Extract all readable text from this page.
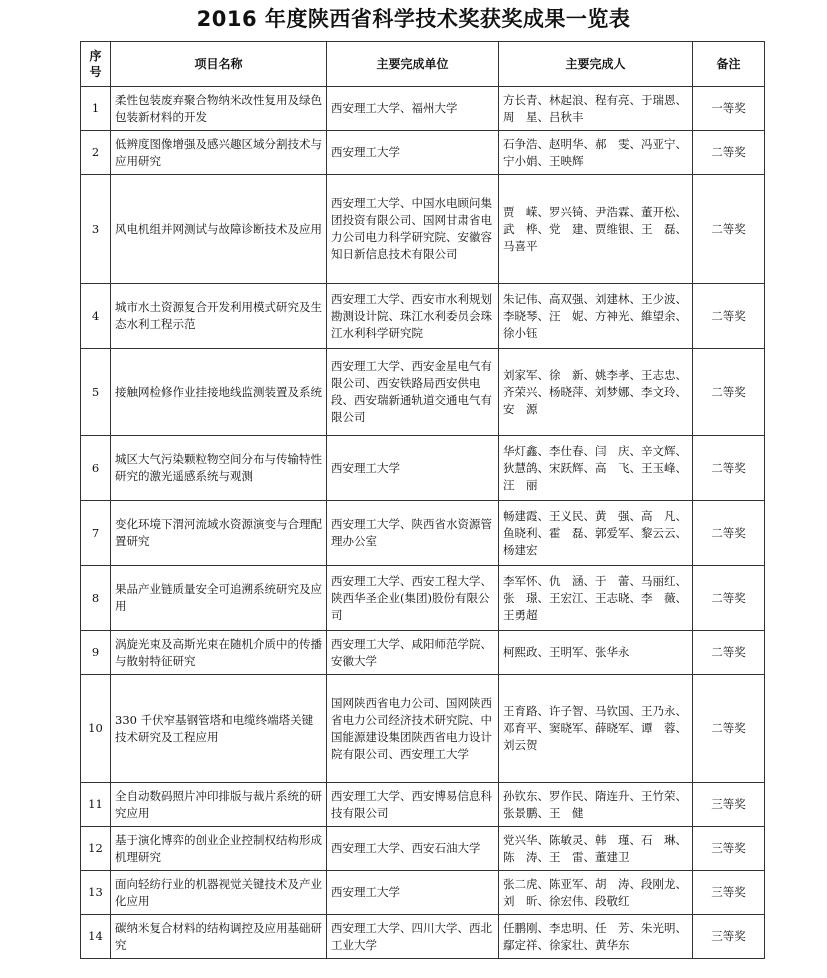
2016 年度陕西省科学技术奖获奖成果一览表
序号	项目名称	主要完成单位	主要完成人	备注
1	柔性包装废弃聚合物纳米改性复用及绿色包装新材料的开发	西安理工大学、福州大学	方长青、林起浪、程有亮、于瑞恩、周　星、吕秋丰	一等奖
2	低辨度图像增强及感兴趣区域分割技术与应用研究	西安理工大学	石争浩、赵明华、郝　雯、冯亚宁、宁小娟、王映辉	二等奖
3	风电机组并网测试与故障诊断技术及应用	西安理工大学、中国水电顾问集团投资有限公司、国网甘肃省电力公司电力科学研究院、安徽容知日新信息技术有限公司	贾　嵘、罗兴锜、尹浩霖、董开松、武　桦、党　建、贾维银、王　磊、马喜平	二等奖
4	城市水土资源复合开发利用模式研究及生态水利工程示范	西安理工大学、西安市水利规划勘测设计院、珠江水利委员会珠江水利科学研究院	朱记伟、高双强、刘建林、王少波、李晓琴、汪　妮、方神光、維望余、徐小钰	二等奖
5	接触网检修作业挂接地线监测装置及系统	西安理工大学、西安金星电气有限公司、西安铁路局西安供电段、西安瑞新通轨道交通电气有限公司	刘家军、徐　新、姚李孝、王志忠、齐荣兴、杨晓萍、刘梦娜、李文玲、安　源	二等奖
6	城区大气污染颗粒物空间分布与传输特性研究的激光遥感系统与观测	西安理工大学	华灯鑫、李仕春、闫　庆、辛文辉、狄慧鸽、宋跃辉、高　飞、王玉峰、汪　丽	二等奖
7	变化环境下渭河流域水资源演变与合理配置研究	西安理工大学、陕西省水资源管理办公室	畅建霞、王义民、黄　强、高　凡、鱼晓利、霍　磊、郭爱军、黎云云、杨建宏	二等奖
8	果品产业链质量安全可追溯系统研究及应用	西安理工大学、西安工程大学、陕西华圣企业(集团)股份有限公司	李军怀、仇　涵、于　蕾、马丽红、张　璟、王宏江、王志晓、李　薇、王勇超	二等奖
9	涡旋光束及高斯光束在随机介质中的传播与散射特征研究	西安理工大学、咸阳师范学院、安徽大学	柯熙政、王明军、张华永	二等奖
10	330 千伏窄基钢管塔和电缆终端塔关键技术研究及工程应用	国网陕西省电力公司、国网陕西省电力公司经济技术研究院、中国能源建设集团陕西省电力设计院有限公司、西安理工大学	王育路、许子智、马钦国、王乃永、邓育平、窦晓军、薛晓军、谭　蓉、刘云贺	二等奖
11	全自动数码照片冲印排版与裁片系统的研究应用	西安理工大学、西安博易信息科技有限公司	孙钦东、罗作民、隋连升、王竹荣、张景鹏、王　健	三等奖
12	基于演化博弈的创业企业控制权结构形成机理研究	西安理工大学、西安石油大学	党兴华、陈敏灵、韩　瑾、石　琳、陈　涛、王　雷、董建卫	三等奖
13	面向轻纺行业的机器视觉关键技术及产业化应用	西安理工大学	张二虎、陈亚军、胡　涛、段刚龙、刘　昕、徐宏伟、段敬红	三等奖
14	碳纳米复合材料的结构调控及应用基础研究	西安理工大学、四川大学、西北工业大学	任鹏刚、李忠明、任　芳、朱光明、鄢定祥、徐家壮、黄华东	三等奖
